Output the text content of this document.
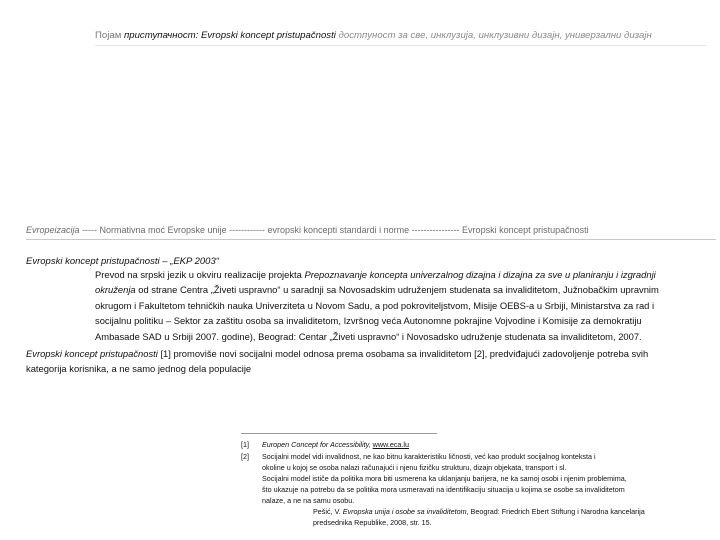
Појам приступачност: Evropski koncept pristupačnosti достпуност за све, инклузија, инклузивни дизајн, универзални дизајн
Evropeizacija ----- Normativna moć Evropske unije ------------ evropski koncepti standardi i norme ---------------- Evropski koncept pristupačnosti
Evropski koncept pristupačnosti – „EKP 2003“

Prevod na srpski jezik u okviru realizacije projekta Prepoznavanje koncepta univerzalnog dizajna i dizajna za sve u planiranju i izgradnji

okruženja od strane Centra „Živeti uspravno“ u saradnji sa Novosadskim udruženjem studenata sa invaliditetom, Južnobačkim upravnim

okrugom i Fakultetom tehničkih nauka Univerziteta u Novom Sadu, a pod pokroviteljstvom, Misije OEBS-a u Srbiji, Ministarstva za rad i

socijalnu politiku – Sektor za zaštitu osoba sa invaliditetom, Izvršnog veća Autonomne pokrajine Vojvodine i Komisije za demokratiju

Ambasade SAD u Srbiji 2007. godine), Beograd: Centar „Živeti uspravno“ i Novosadsko udruženje studenata sa invaliditetom, 2007.

Evropski koncept pristupačnosti [1] promoviše novi socijalni model odnosa prema osobama sa invaliditetom [2], predviđajući zadovoljenje potreba svih

kategorija korisnika, a ne samo jednog dela populacije

[1] Europen Concept for Accessibility, www.eca.lu
[2] Socijalni model vidi invalidnost, ne kao bitnu karakteristiku ličnosti, već kao produkt socijalnog konteksta i
okoline u kojoj se osoba nalazi računajući i njenu fizičku strukturu, dizajn objekata, transport i sl.
Socijalni model ističe da politika mora biti usmerena ka uklanjanju barijera, ne ka samoj osobi i njenim problemima,
što ukazuje na potrebu da se politika mora usmeravati na identifikaciju situacija u kojima se osobe sa invaliditetom
nalaze, a ne na samu osobu.
Pešić, V. Evropska unija i osobe sa invaliditetom, Beograd: Friedrich Ebert Stiftung i Narodna kancelarija
predsednika Republike, 2008, str. 15.
